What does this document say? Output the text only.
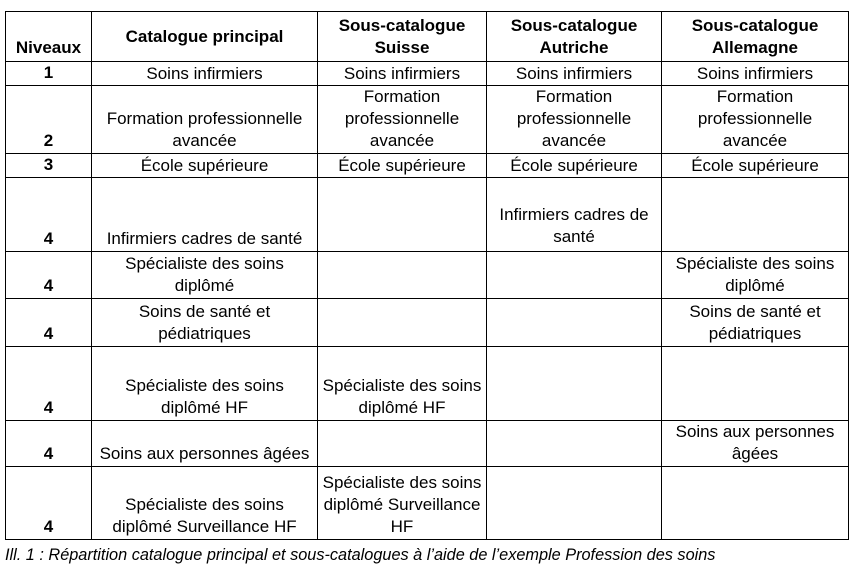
Niveaux	Catalogue principal	Sous-catalogue Suisse	Sous-catalogue Autriche	Sous-catalogue Allemagne
1	Soins infirmiers	Soins infirmiers	Soins infirmiers	Soins infirmiers
2	Formation professionnelle avancée	Formation professionnelle avancée	Formation professionnelle avancée	Formation professionnelle avancée
3	École supérieure	École supérieure	École supérieure	École supérieure
4	Infirmiers cadres de santé		Infirmiers cadres de santé	
4	Spécialiste des soins diplômé			Spécialiste des soins diplômé
4	Soins de santé et pédiatriques			Soins de santé et pédiatriques
4	Spécialiste des soins diplômé HF	Spécialiste des soins diplômé HF		
4	Soins aux personnes âgées			Soins aux personnes âgées
4	Spécialiste des soins diplômé Surveillance HF	Spécialiste des soins diplômé Surveillance HF		
Ill. 1 : Répartition catalogue principal et sous-catalogues à l’aide de l’exemple Profession des soins
